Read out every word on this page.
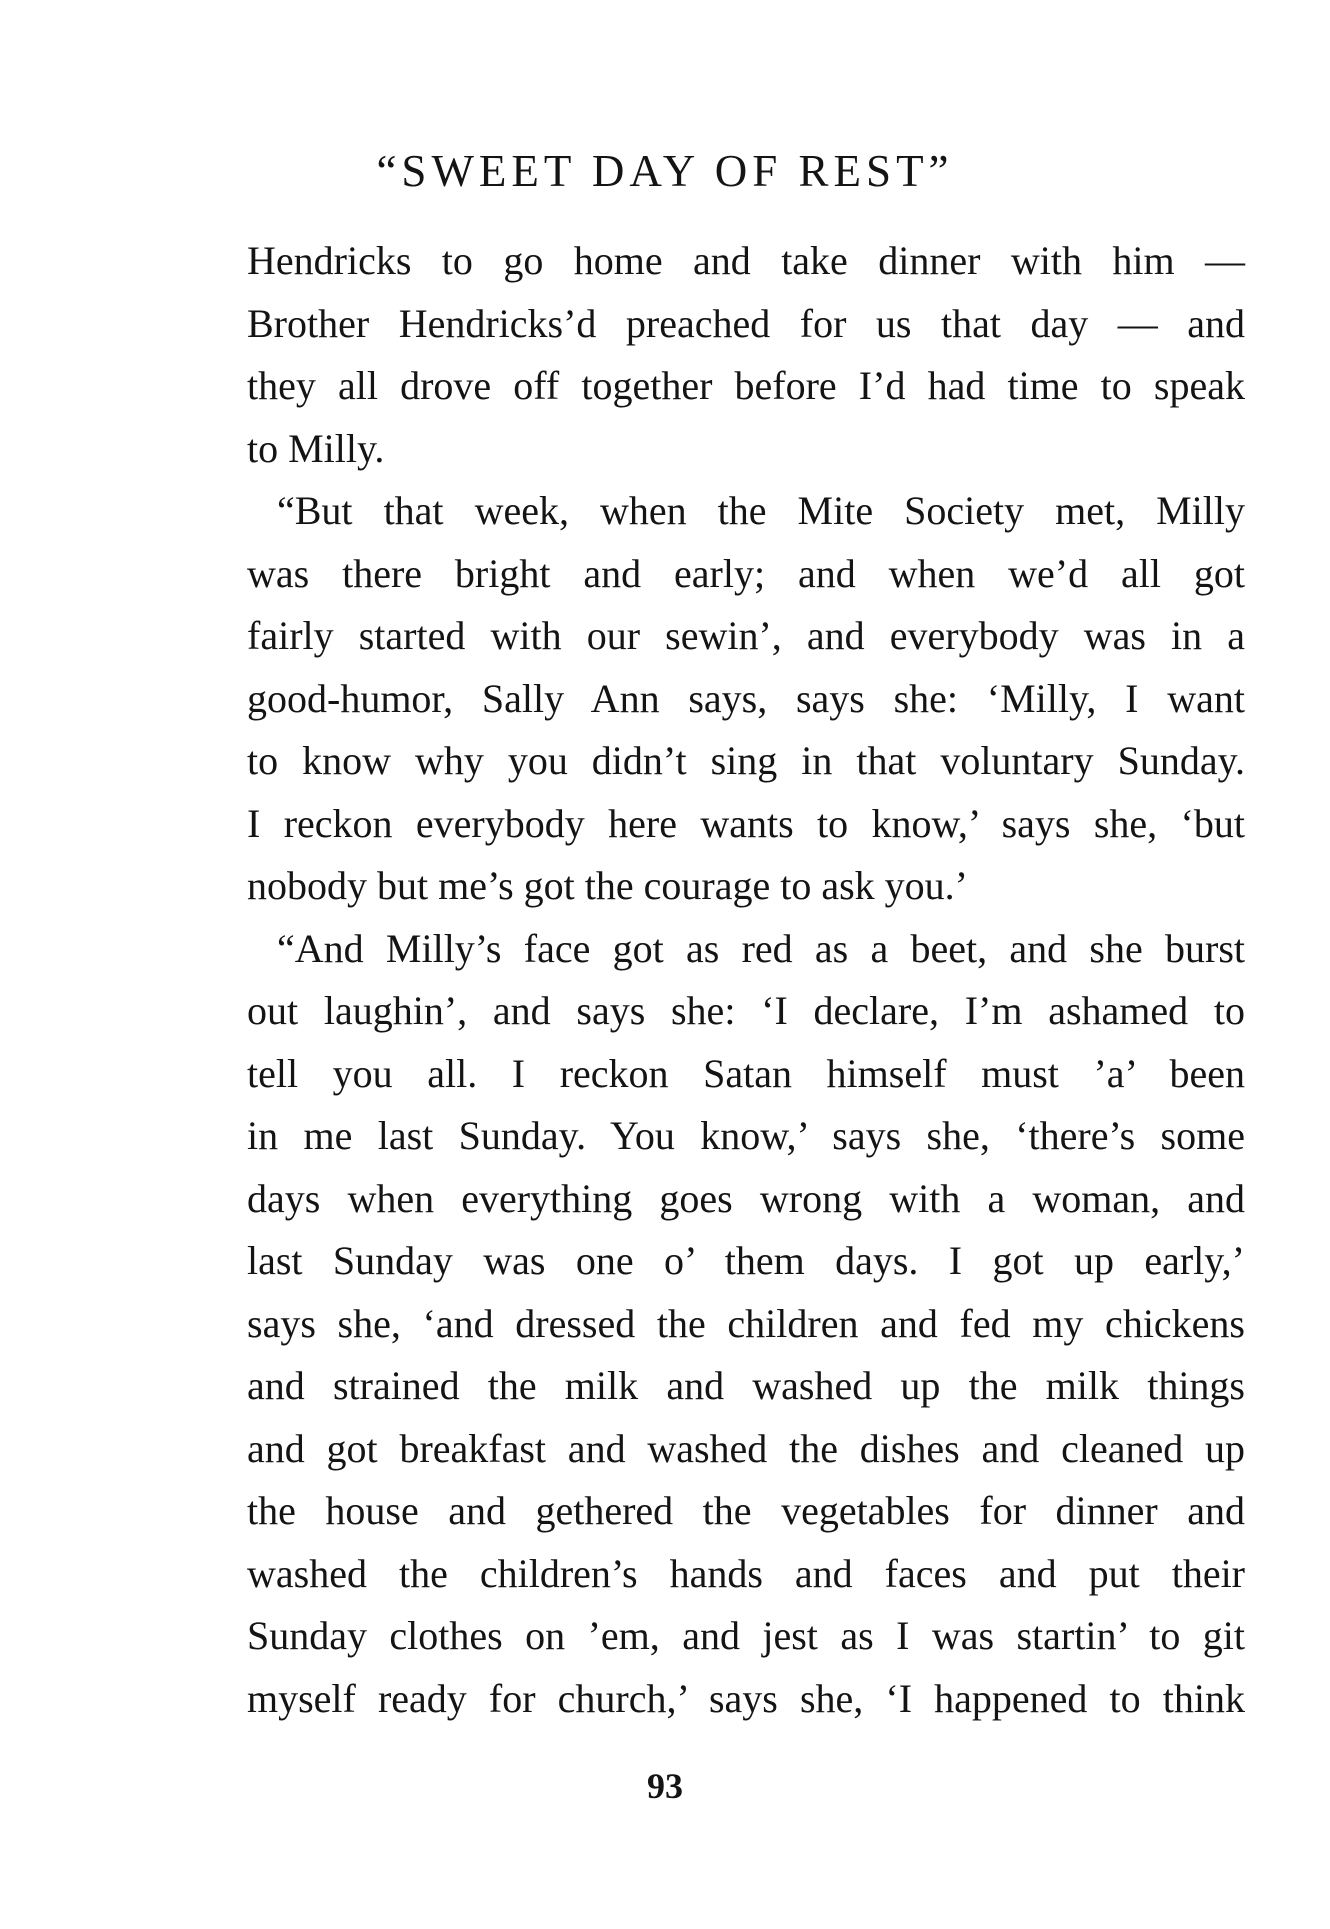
“SWEET DAY OF REST”
Hendricks to go home and take dinner with him —
Brother Hendricks’d preached for us that day — and
they all drove off together before I’d had time to speak
to Milly.
“But that week, when the Mite Society met, Milly
was there bright and early; and when we’d all got
fairly started with our sewin’, and everybody was in a
good-humor, Sally Ann says, says she: ‘Milly, I want
to know why you didn’t sing in that voluntary Sunday.
I reckon everybody here wants to know,’ says she, ‘but
nobody but me’s got the courage to ask you.’
“And Milly’s face got as red as a beet, and she burst
out laughin’, and says she: ‘I declare, I’m ashamed to
tell you all. I reckon Satan himself must ’a’ been
in me last Sunday. You know,’ says she, ‘there’s some
days when everything goes wrong with a woman, and
last Sunday was one o’ them days. I got up early,’
says she, ‘and dressed the children and fed my chickens
and strained the milk and washed up the milk things
and got breakfast and washed the dishes and cleaned up
the house and gethered the vegetables for dinner and
washed the children’s hands and faces and put their
Sunday clothes on ’em, and jest as I was startin’ to git
myself ready for church,’ says she, ‘I happened to think
93
